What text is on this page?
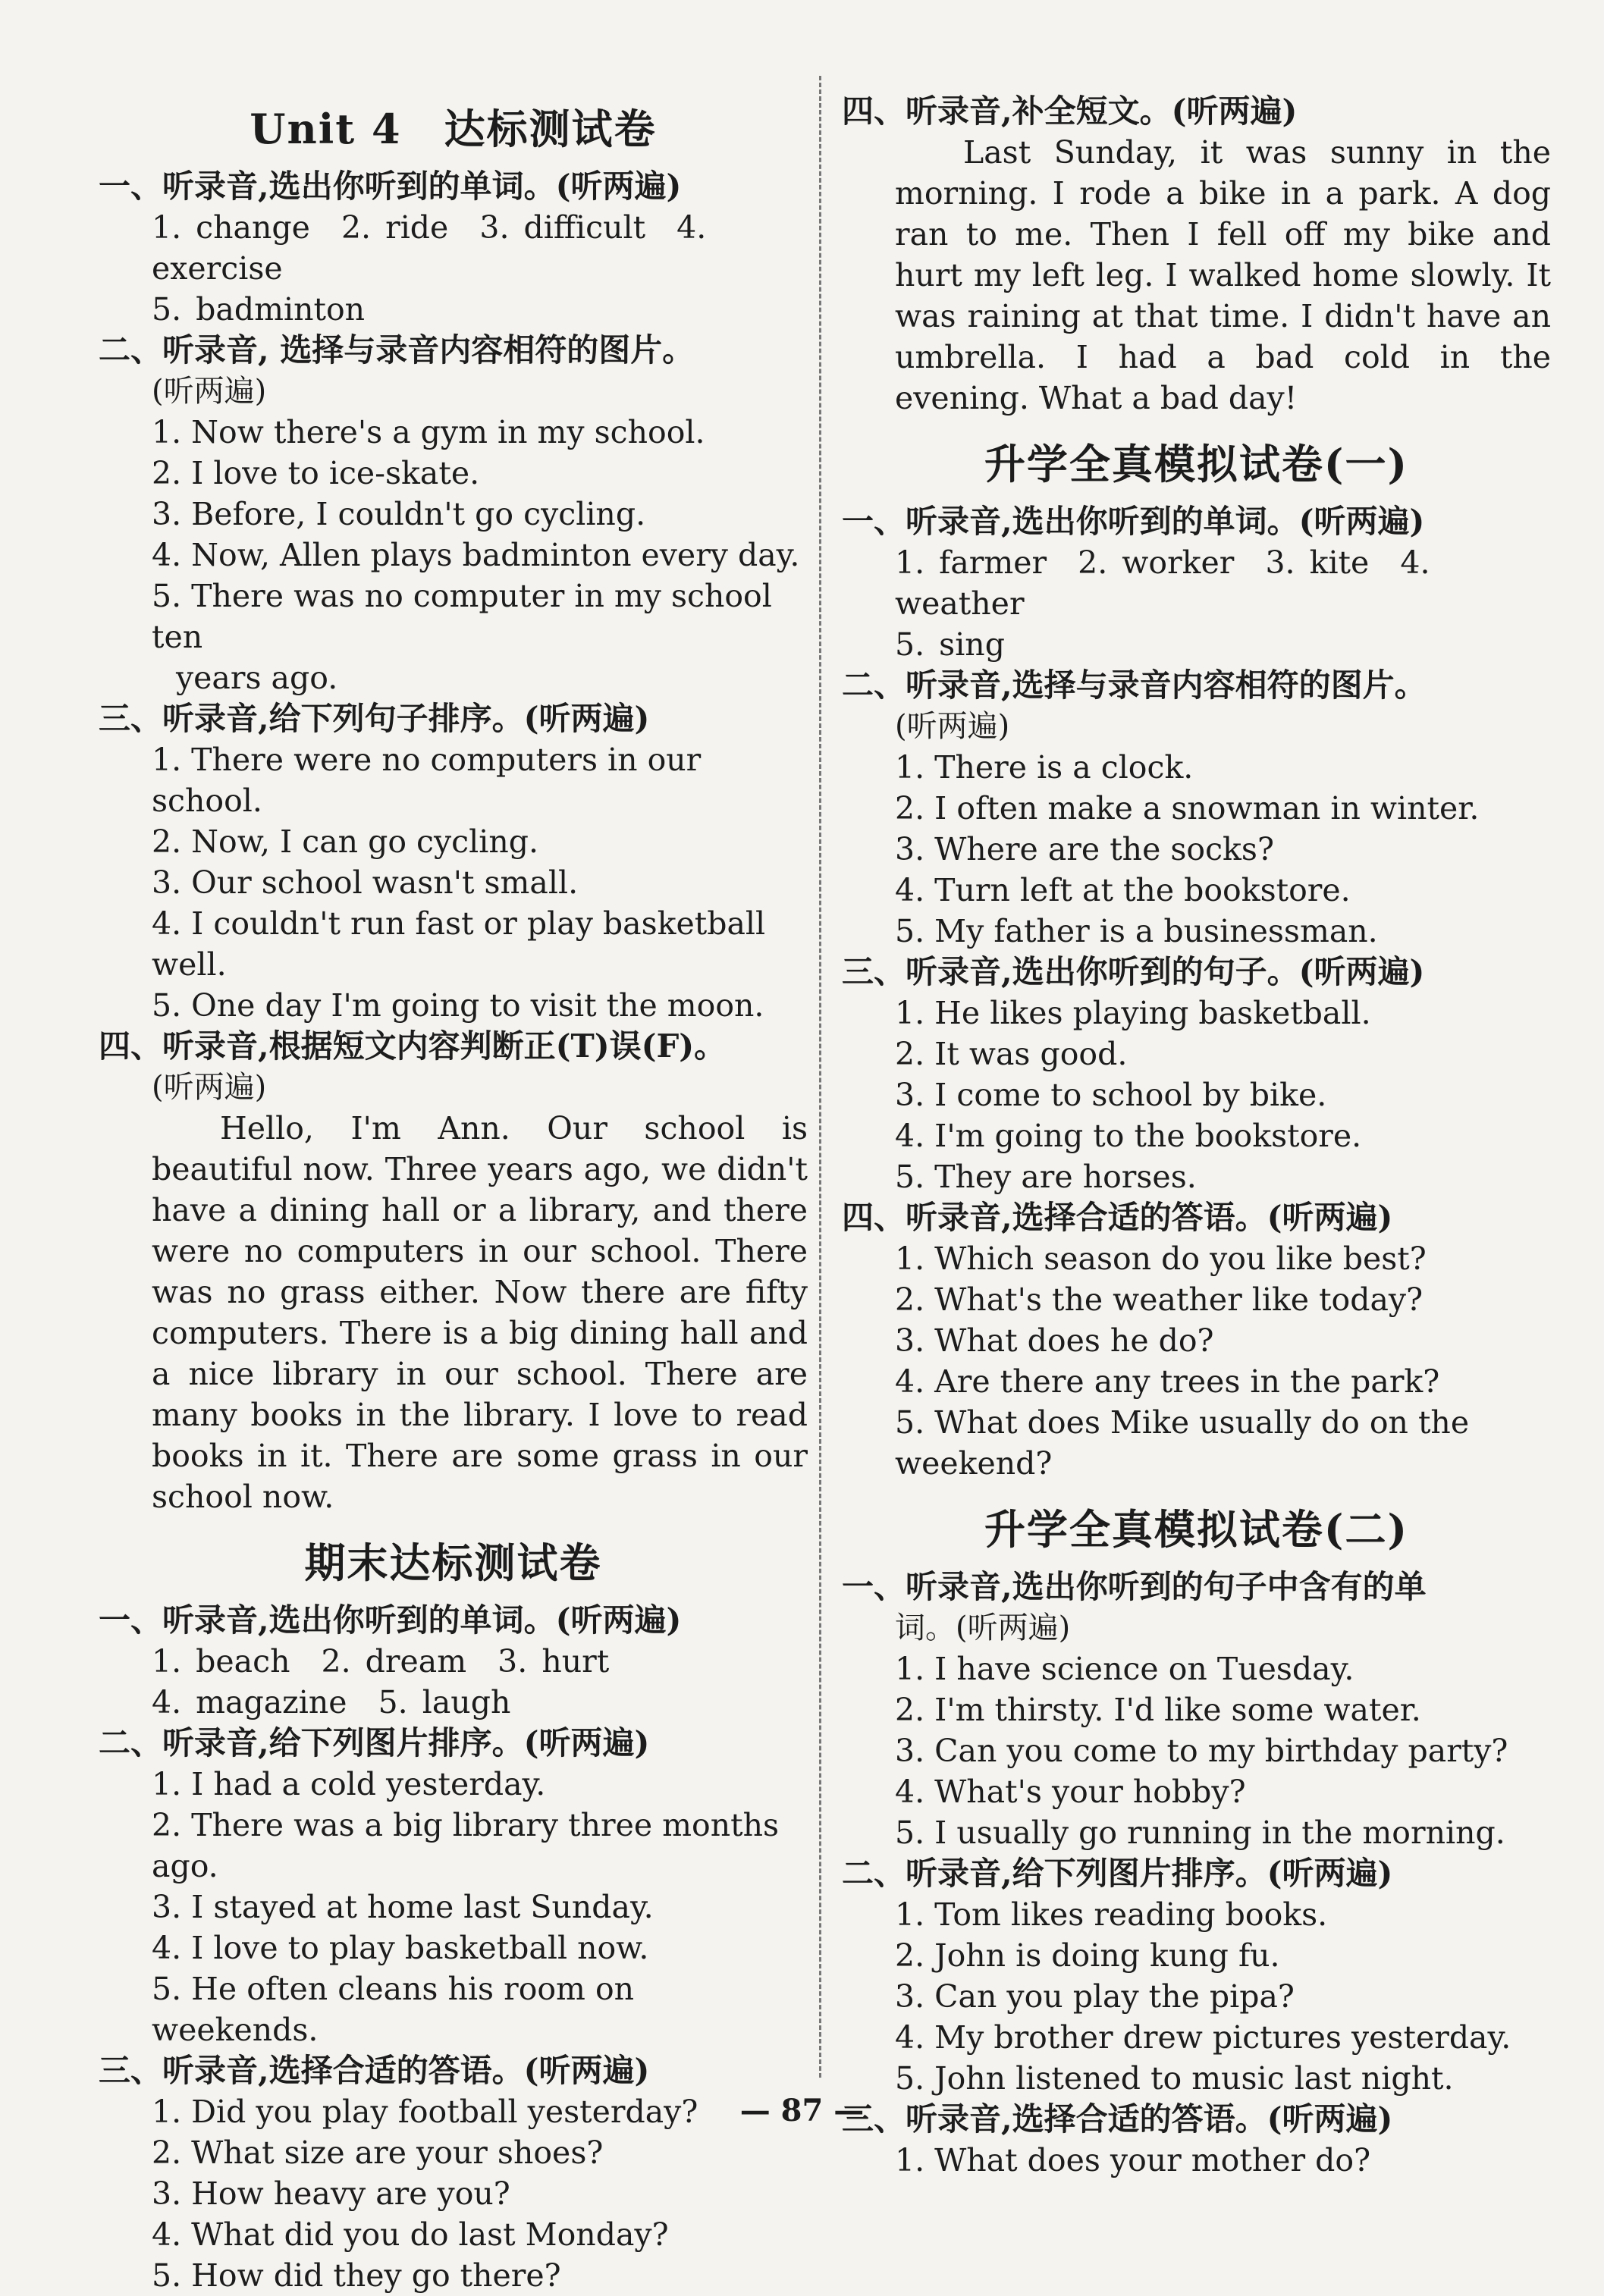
Unit 4　达标测试卷
一、听录音,选出你听到的单词。(听两遍)
1. change 2. ride 3. difficult 4. exercise
5. badminton
二、听录音, 选择与录音内容相符的图片。
(听两遍)
1. Now there's a gym in my school.
2. I love to ice-skate.
3. Before, I couldn't go cycling.
4. Now, Allen plays badminton every day.
5. There was no computer in my school ten
years ago.
三、听录音,给下列句子排序。(听两遍)
1. There were no computers in our school.
2. Now, I can go cycling.
3. Our school wasn't small.
4. I couldn't run fast or play basketball well.
5. One day I'm going to visit the moon.
四、听录音,根据短文内容判断正(T)误(F)。
(听两遍)
Hello, I'm Ann. Our school is beautiful now. Three years ago, we didn't have a dining hall or a library, and there were no computers in our school. There was no grass either. Now there are fifty computers. There is a big dining hall and a nice library in our school. There are many books in the library. I love to read books in it. There are some grass in our school now.
期末达标测试卷
一、听录音,选出你听到的单词。(听两遍)
1. beach 2. dream 3. hurt
4. magazine 5. laugh
二、听录音,给下列图片排序。(听两遍)
1. I had a cold yesterday.
2. There was a big library three months ago.
3. I stayed at home last Sunday.
4. I love to play basketball now.
5. He often cleans his room on weekends.
三、听录音,选择合适的答语。(听两遍)
1. Did you play football yesterday?
2. What size are your shoes?
3. How heavy are you?
4. What did you do last Monday?
5. How did they go there?
四、听录音,补全短文。(听两遍)
Last Sunday, it was sunny in the morning. I rode a bike in a park. A dog ran to me. Then I fell off my bike and hurt my left leg. I walked home slowly. It was raining at that time. I didn't have an umbrella. I had a bad cold in the evening. What a bad day!
升学全真模拟试卷(一)
一、听录音,选出你听到的单词。(听两遍)
1. farmer 2. worker 3. kite 4. weather
5. sing
二、听录音,选择与录音内容相符的图片。
(听两遍)
1. There is a clock.
2. I often make a snowman in winter.
3. Where are the socks?
4. Turn left at the bookstore.
5. My father is a businessman.
三、听录音,选出你听到的句子。(听两遍)
1. He likes playing basketball.
2. It was good.
3. I come to school by bike.
4. I'm going to the bookstore.
5. They are horses.
四、听录音,选择合适的答语。(听两遍)
1. Which season do you like best?
2. What's the weather like today?
3. What does he do?
4. Are there any trees in the park?
5. What does Mike usually do on the weekend?
升学全真模拟试卷(二)
一、听录音,选出你听到的句子中含有的单
词。(听两遍)
1. I have science on Tuesday.
2. I'm thirsty. I'd like some water.
3. Can you come to my birthday party?
4. What's your hobby?
5. I usually go running in the morning.
二、听录音,给下列图片排序。(听两遍)
1. Tom likes reading books.
2. John is doing kung fu.
3. Can you play the pipa?
4. My brother drew pictures yesterday.
5. John listened to music last night.
三、听录音,选择合适的答语。(听两遍)
1. What does your mother do?
— 87 —
